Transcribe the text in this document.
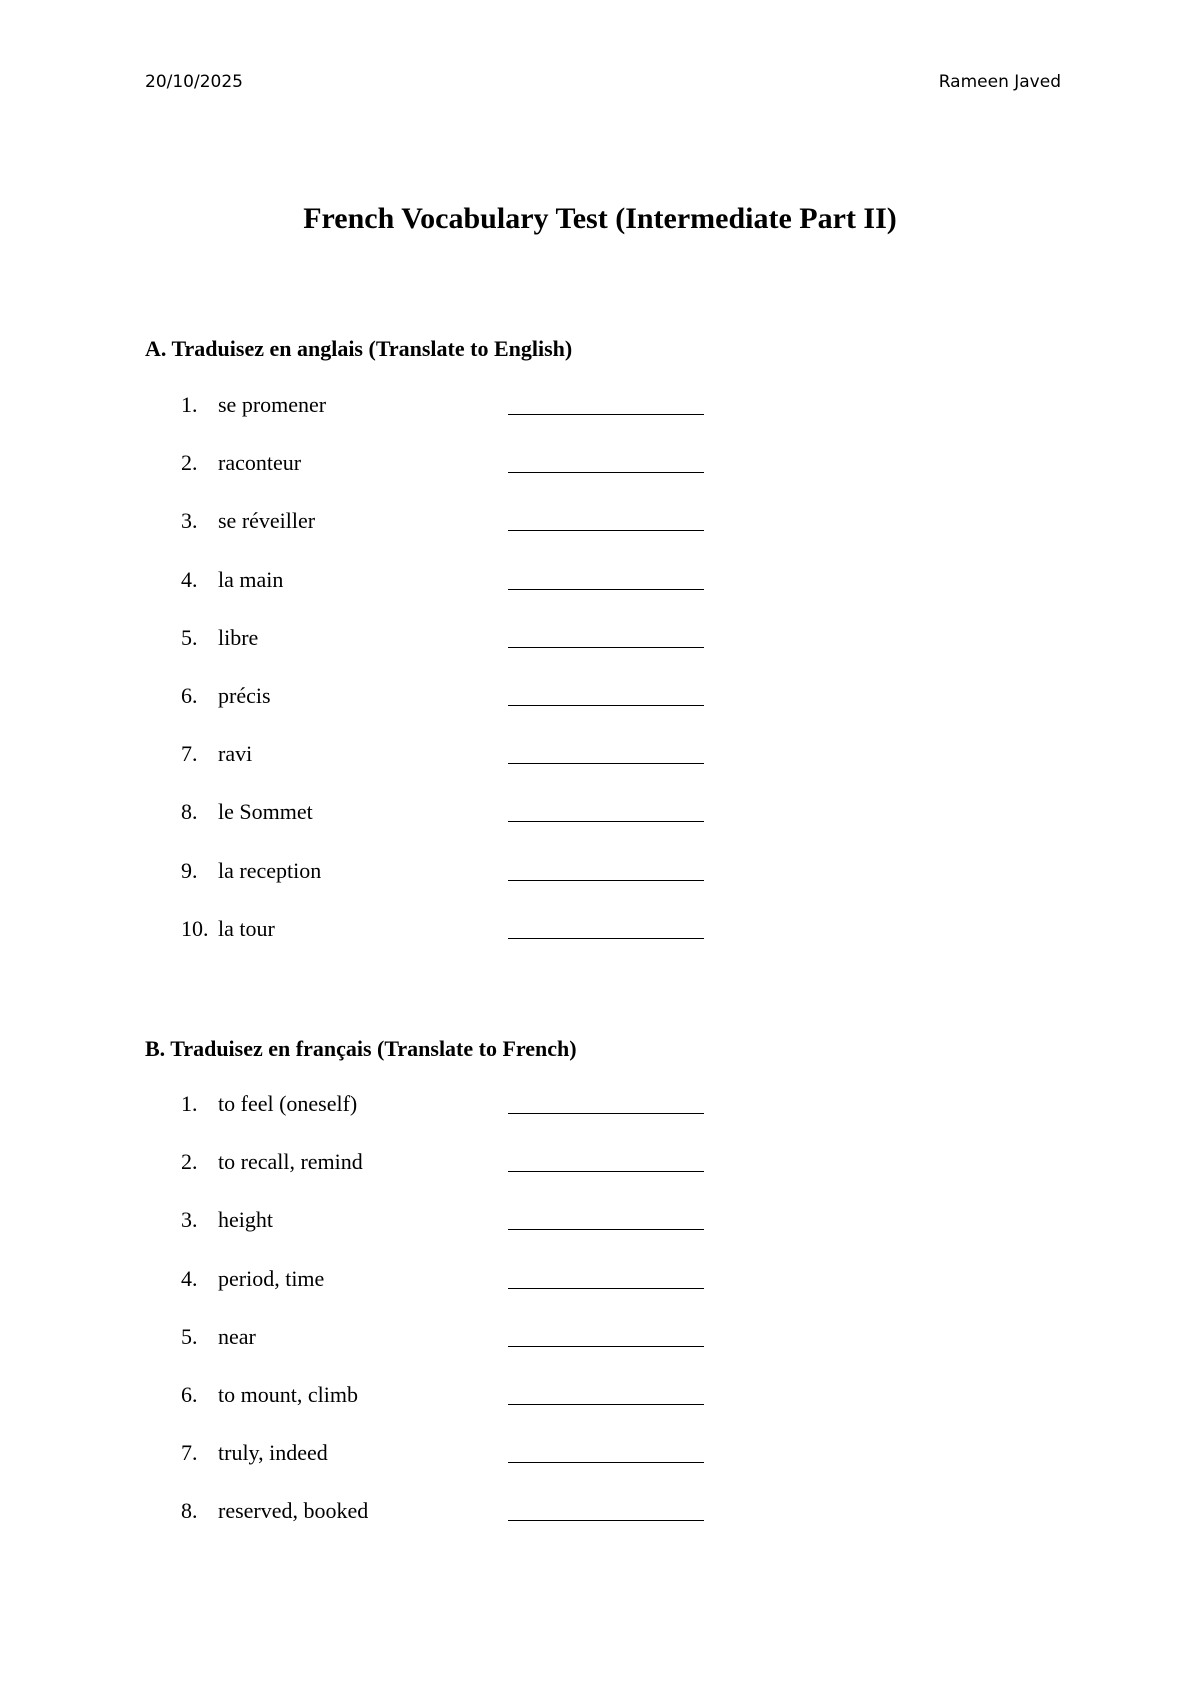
20/10/2025	Rameen Javed
French Vocabulary Test (Intermediate Part II)
A. Traduisez en anglais (Translate to English)
1. se promener
2. raconteur
3. se réveiller
4. la main
5. libre
6. précis
7. ravi
8. le Sommet
9. la reception
10. la tour
B. Traduisez en français (Translate to French)
1. to feel (oneself)
2. to recall, remind
3. height
4. period, time
5. near
6. to mount, climb
7. truly, indeed
8. reserved, booked
